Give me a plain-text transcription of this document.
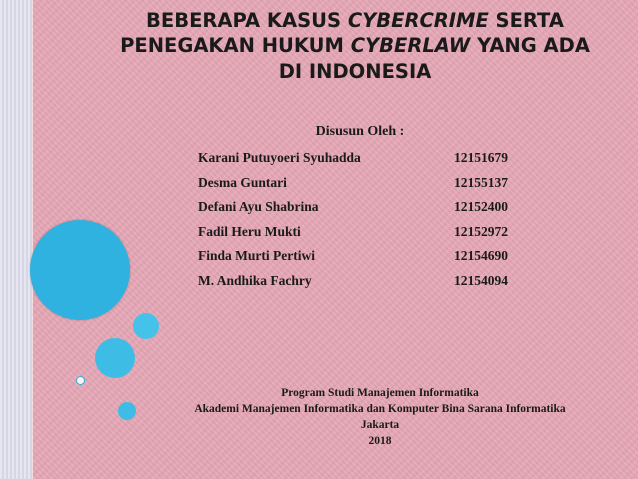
BEBERAPA KASUS CYBERCRIME SERTA
PENEGAKAN HUKUM CYBERLAW YANG ADA
DI INDONESIA
Disusun Oleh :
Karani Putuyoeri Syuhadda	12151679
Desma Guntari	12155137
Defani Ayu Shabrina	12152400
Fadil Heru Mukti	12152972
Finda Murti Pertiwi	12154690
M. Andhika Fachry	12154094
Program Studi Manajemen Informatika
Akademi Manajemen Informatika dan Komputer Bina Sarana Informatika
Jakarta
2018
